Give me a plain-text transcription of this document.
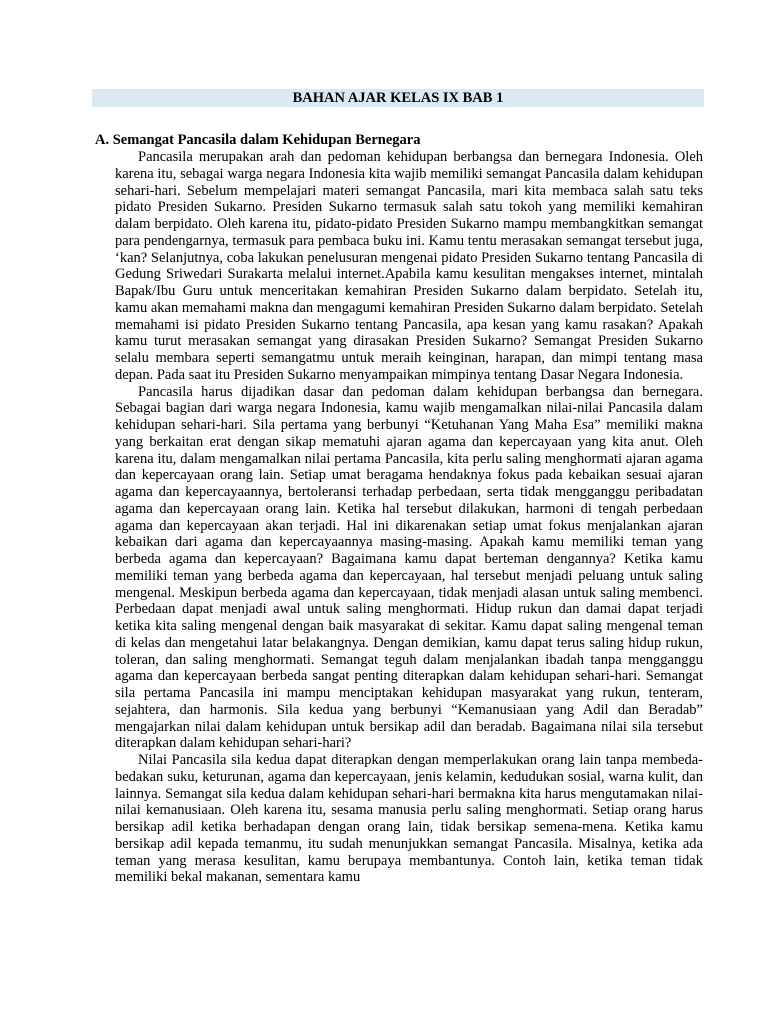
BAHAN AJAR KELAS IX BAB 1
A. Semangat Pancasila dalam Kehidupan Bernegara

Pancasila merupakan arah dan pedoman kehidupan berbangsa dan bernegara Indonesia. Oleh karena itu, sebagai warga negara Indonesia kita wajib memiliki semangat Pancasila dalam kehidupan sehari-hari. Sebelum mempelajari materi semangat Pancasila, mari kita membaca salah satu teks pidato Presiden Sukarno. Presiden Sukarno termasuk salah satu tokoh yang memiliki kemahiran dalam berpidato. Oleh karena itu, pidato-pidato Presiden Sukarno mampu membangkitkan semangat para pendengarnya, termasuk para pembaca buku ini. Kamu tentu merasakan semangat tersebut juga, ‘kan? Selanjutnya, coba lakukan penelusuran mengenai pidato Presiden Sukarno tentang Pancasila di Gedung Sriwedari Surakarta melalui internet.Apabila kamu kesulitan mengakses internet, mintalah Bapak/Ibu Guru untuk menceritakan kemahiran Presiden Sukarno dalam berpidato. Setelah itu, kamu akan memahami makna dan mengagumi kemahiran Presiden Sukarno dalam berpidato. Setelah memahami isi pidato Presiden Sukarno tentang Pancasila, apa kesan yang kamu rasakan? Apakah kamu turut merasakan semangat yang dirasakan Presiden Sukarno? Semangat Presiden Sukarno selalu membara seperti semangatmu untuk meraih keinginan, harapan, dan mimpi tentang masa depan. Pada saat itu Presiden Sukarno menyampaikan mimpinya tentang Dasar Negara Indonesia.

Pancasila harus dijadikan dasar dan pedoman dalam kehidupan berbangsa dan bernegara. Sebagai bagian dari warga negara Indonesia, kamu wajib mengamalkan nilai-nilai Pancasila dalam kehidupan sehari-hari. Sila pertama yang berbunyi “Ketuhanan Yang Maha Esa” memiliki makna yang berkaitan erat dengan sikap mematuhi ajaran agama dan kepercayaan yang kita anut. Oleh karena itu, dalam mengamalkan nilai pertama Pancasila, kita perlu saling menghormati ajaran agama dan kepercayaan orang lain. Setiap umat beragama hendaknya fokus pada kebaikan sesuai ajaran agama dan kepercayaannya, bertoleransi terhadap perbedaan, serta tidak mengganggu peribadatan agama dan kepercayaan orang lain. Ketika hal tersebut dilakukan, harmoni di tengah perbedaan agama dan kepercayaan akan terjadi. Hal ini dikarenakan setiap umat fokus menjalankan ajaran kebaikan dari agama dan kepercayaannya masing-masing. Apakah kamu memiliki teman yang berbeda agama dan kepercayaan? Bagaimana kamu dapat berteman dengannya? Ketika kamu memiliki teman yang berbeda agama dan kepercayaan, hal tersebut menjadi peluang untuk saling mengenal. Meskipun berbeda agama dan kepercayaan, tidak menjadi alasan untuk saling membenci. Perbedaan dapat menjadi awal untuk saling menghormati. Hidup rukun dan damai dapat terjadi ketika kita saling mengenal dengan baik masyarakat di sekitar. Kamu dapat saling mengenal teman di kelas dan mengetahui latar belakangnya. Dengan demikian, kamu dapat terus saling hidup rukun, toleran, dan saling menghormati. Semangat teguh dalam menjalankan ibadah tanpa mengganggu agama dan kepercayaan berbeda sangat penting diterapkan dalam kehidupan sehari-hari. Semangat sila pertama Pancasila ini mampu menciptakan kehidupan masyarakat yang rukun, tenteram, sejahtera, dan harmonis. Sila kedua yang berbunyi “Kemanusiaan yang Adil dan Beradab” mengajarkan nilai dalam kehidupan untuk bersikap adil dan beradab. Bagaimana nilai sila tersebut diterapkan dalam kehidupan sehari-hari?

Nilai Pancasila sila kedua dapat diterapkan dengan memperlakukan orang lain tanpa membeda-bedakan suku, keturunan, agama dan kepercayaan, jenis kelamin, kedudukan sosial, warna kulit, dan lainnya. Semangat sila kedua dalam kehidupan sehari-hari bermakna kita harus mengutamakan nilai-nilai kemanusiaan. Oleh karena itu, sesama manusia perlu saling menghormati. Setiap orang harus bersikap adil ketika berhadapan dengan orang lain, tidak bersikap semena-mena. Ketika kamu bersikap adil kepada temanmu, itu sudah menunjukkan semangat Pancasila. Misalnya, ketika ada teman yang merasa kesulitan, kamu berupaya membantunya. Contoh lain, ketika teman tidak memiliki bekal makanan, sementara kamu
